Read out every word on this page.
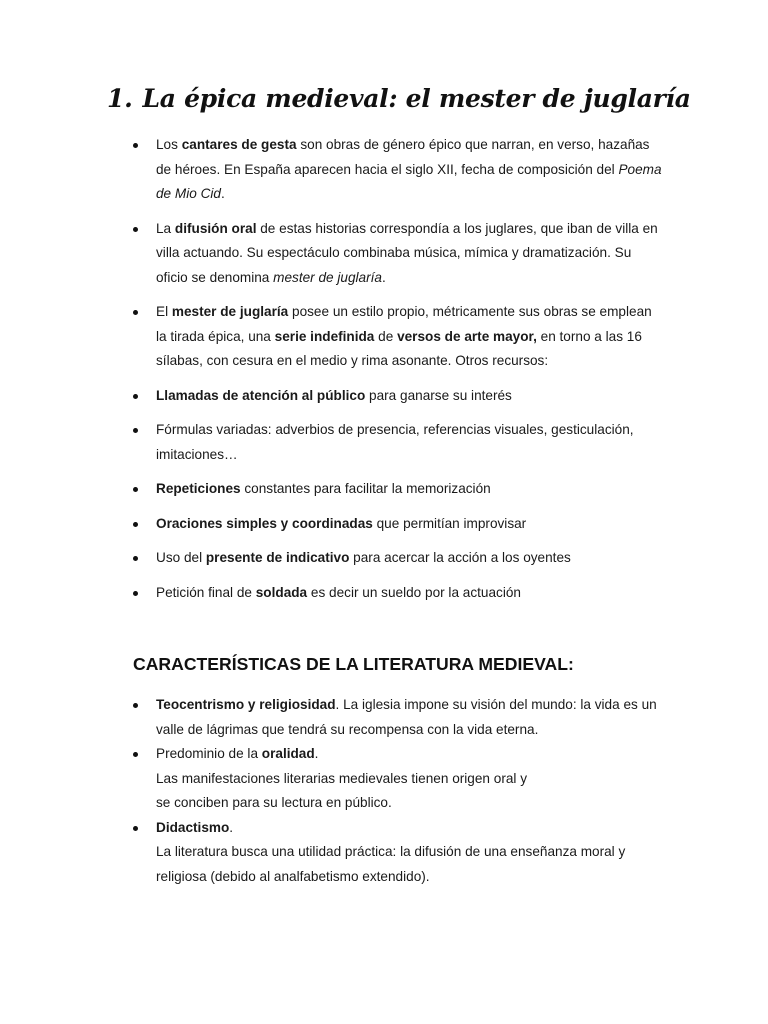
1. La épica medieval: el mester de juglaría
Los cantares de gesta son obras de género épico que narran, en verso, hazañas de héroes. En España aparecen hacia el siglo XII, fecha de composición del Poema de Mio Cid.
La difusión oral de estas historias correspondía a los juglares, que iban de villa en villa actuando. Su espectáculo combinaba música, mímica y dramatización. Su oficio se denomina mester de juglaría.
El mester de juglaría posee un estilo propio, métricamente sus obras se emplean la tirada épica, una serie indefinida de versos de arte mayor, en torno a las 16 sílabas, con cesura en el medio y rima asonante. Otros recursos:
Llamadas de atención al público para ganarse su interés
Fórmulas variadas: adverbios de presencia, referencias visuales, gesticulación, imitaciones…
Repeticiones constantes para facilitar la memorización
Oraciones simples y coordinadas que permitían improvisar
Uso del presente de indicativo para acercar la acción a los oyentes
Petición final de soldada es decir un sueldo por la actuación
CARACTERÍSTICAS DE LA LITERATURA MEDIEVAL:
Teocentrismo y religiosidad. La iglesia impone su visión del mundo: la vida es un valle de lágrimas que tendrá su recompensa con la vida eterna.
Predominio de la oralidad.
Las manifestaciones literarias medievales tienen origen oral y
se conciben para su lectura en público.
Didactismo.
La literatura busca una utilidad práctica: la difusión de una enseñanza moral y religiosa (debido al analfabetismo extendido).
